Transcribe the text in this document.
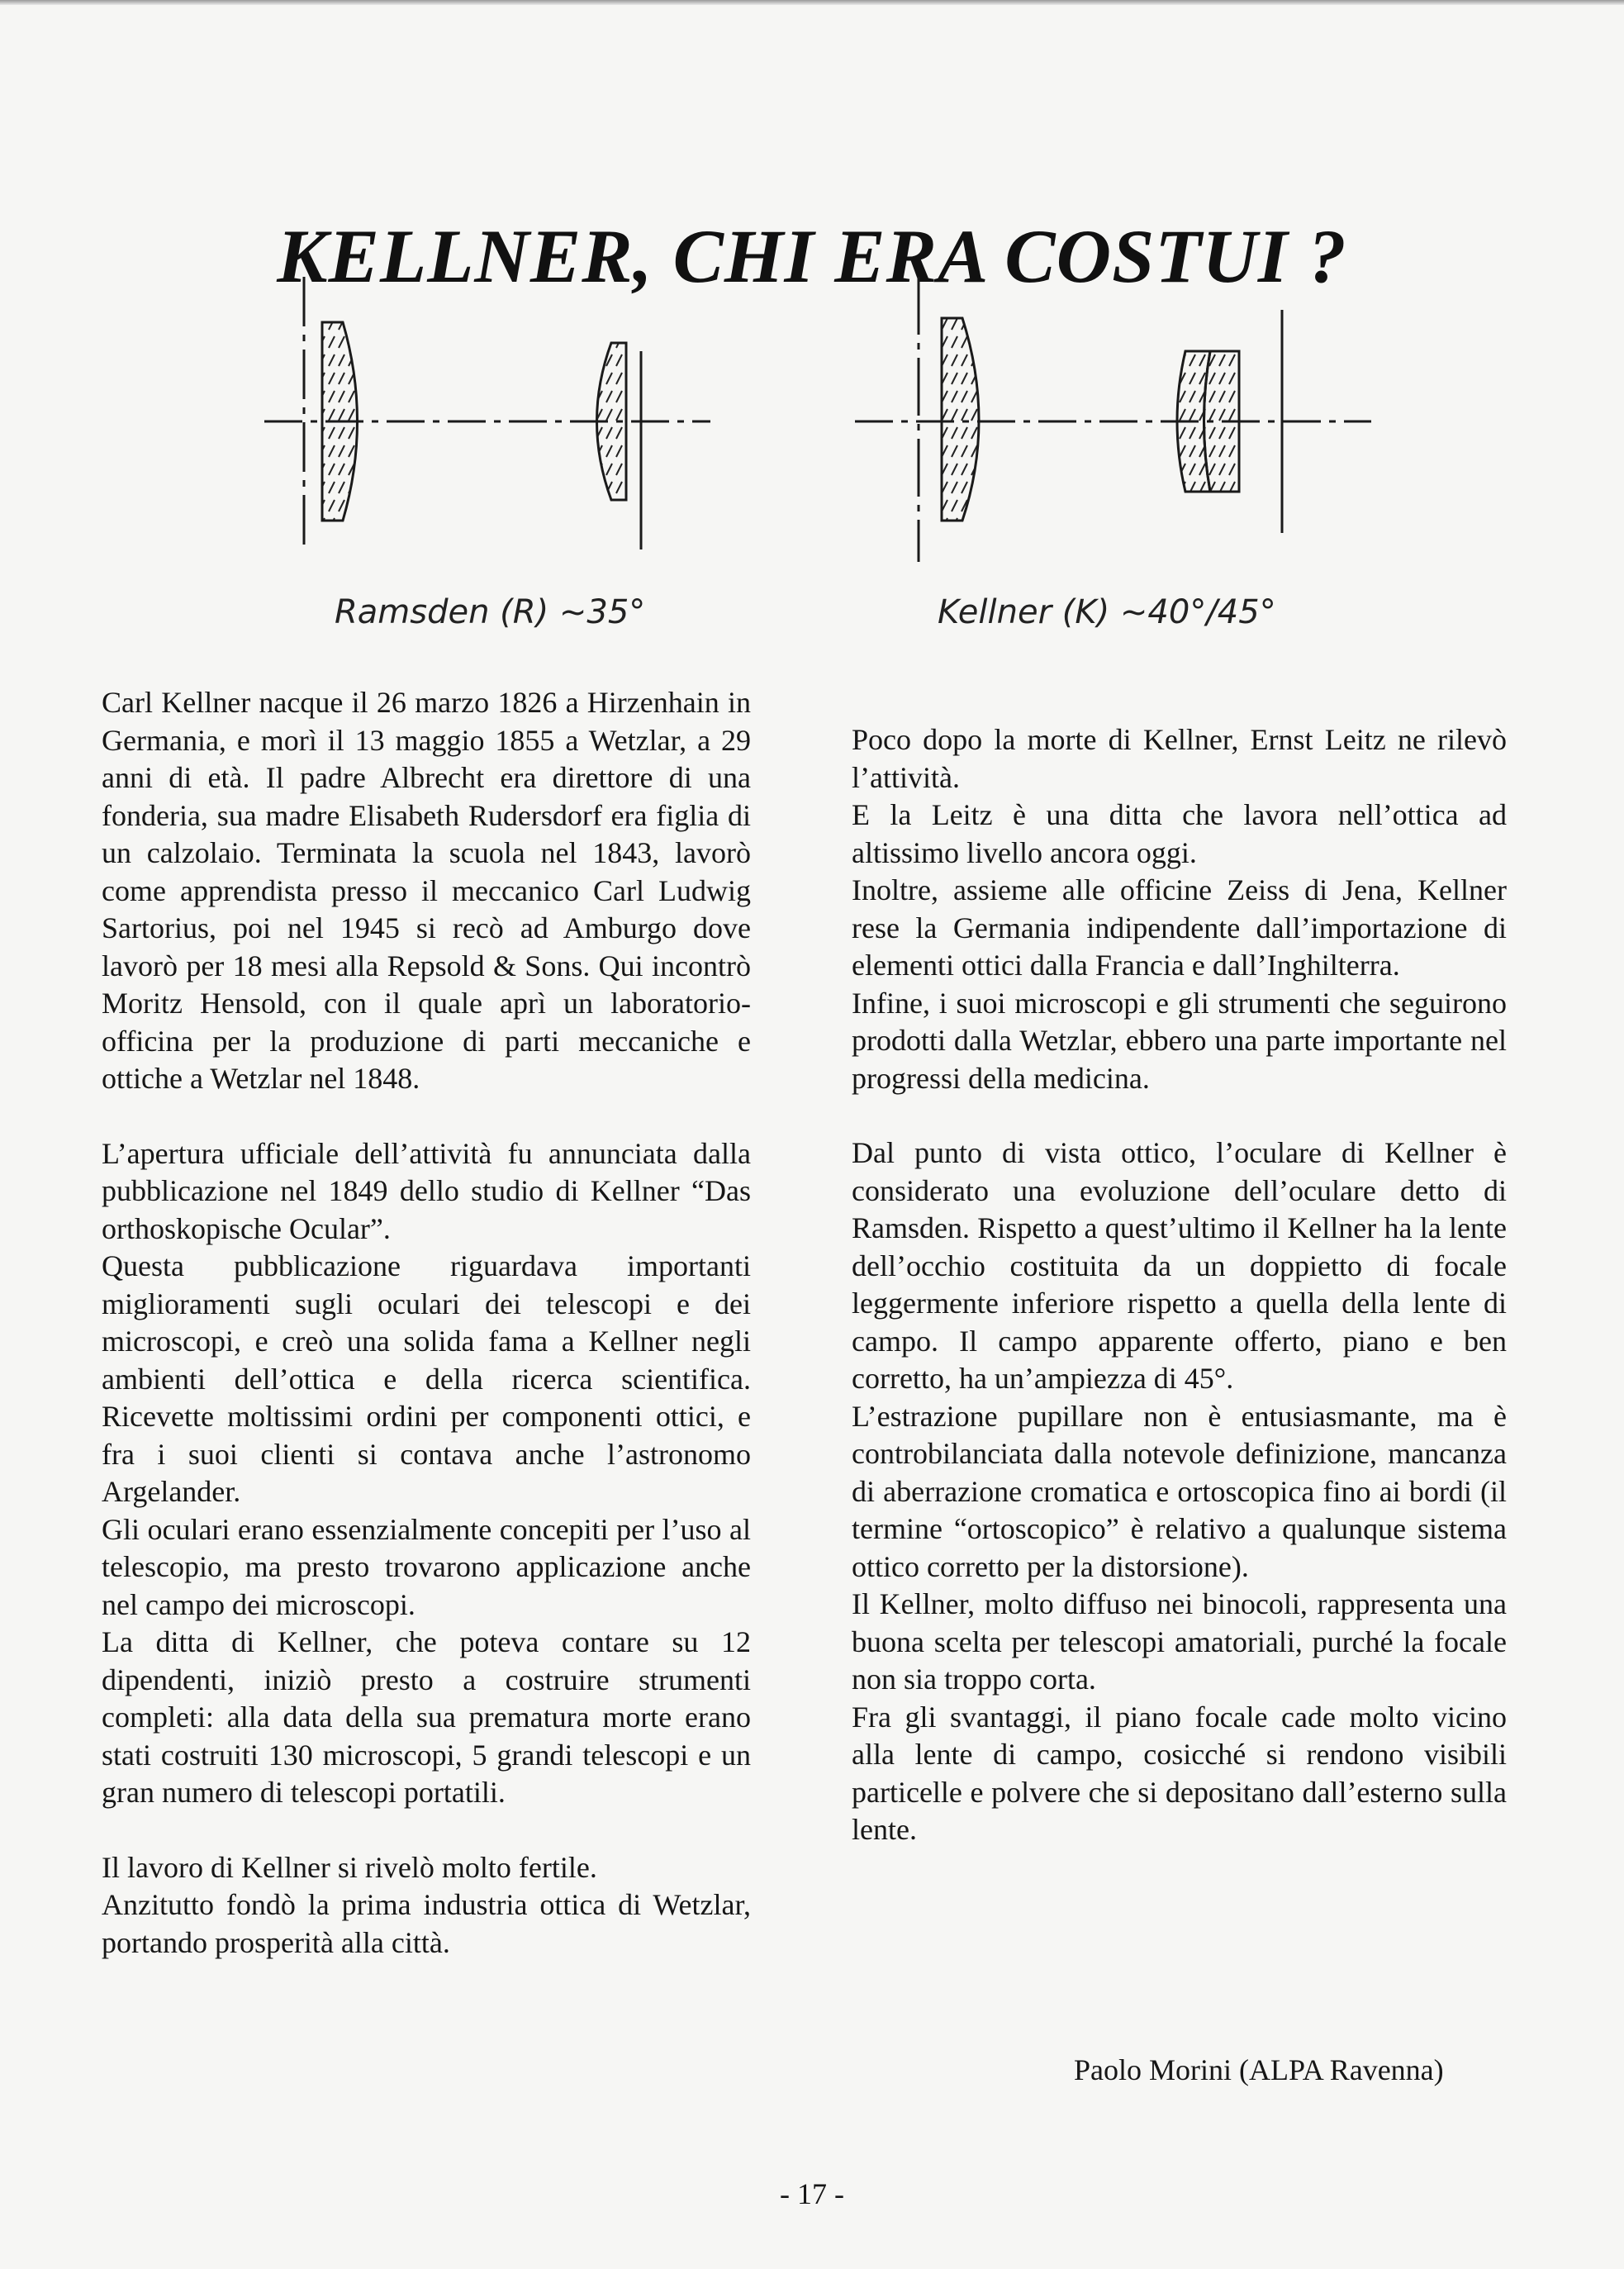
KELLNER, CHI ERA COSTUI ?
Ramsden (R) ~35°	Kellner (K) ~40°/45°

Carl Kellner nacque il 26 marzo 1826 a Hirzenhain in Germania, e morì il 13 maggio 1855 a Wetzlar, a 29 anni di età. Il padre Albrecht era direttore di una fonderia, sua madre Elisabeth Rudersdorf era figlia di un calzolaio. Terminata la scuola nel 1843, lavorò come apprendista presso il meccanico Carl Ludwig Sartorius, poi nel 1945 si recò ad Amburgo dove lavorò per 18 mesi alla Repsold & Sons. Qui incontrò Moritz Hensold, con il quale aprì un laboratorio-officina per la produzione di parti meccaniche e ottiche a Wetzlar nel 1848.

L’apertura ufficiale dell’attività fu annunciata dalla pubblicazione nel 1849 dello studio di Kellner “Das orthoskopische Ocular”.

Questa pubblicazione riguardava importanti miglioramenti sugli oculari dei telescopi e dei microscopi, e creò una solida fama a Kellner negli ambienti dell’ottica e della ricerca scientifica. Ricevette moltissimi ordini per componenti ottici, e fra i suoi clienti si contava anche l’astronomo Argelander.

Gli oculari erano essenzialmente concepiti per l’uso al telescopio, ma presto trovarono applicazione anche nel campo dei microscopi.

La ditta di Kellner, che poteva contare su 12 dipendenti, iniziò presto a costruire strumenti completi: alla data della sua prematura morte erano stati costruiti 130 microscopi, 5 grandi telescopi e un gran numero di telescopi portatili.

Il lavoro di Kellner si rivelò molto fertile.

Anzitutto fondò la prima industria ottica di Wetzlar, portando prosperità alla città.

Poco dopo la morte di Kellner, Ernst Leitz ne rilevò l’attività.

E la Leitz è una ditta che lavora nell’ottica ad altissimo livello ancora oggi.

Inoltre, assieme alle officine Zeiss di Jena, Kellner rese la Germania indipendente dall’importazione di elementi ottici dalla Francia e dall’Inghilterra.

Infine, i suoi microscopi e gli strumenti che seguirono prodotti dalla Wetzlar, ebbero una parte importante nel progressi della medicina.

Dal punto di vista ottico, l’oculare di Kellner è considerato una evoluzione dell’oculare detto di Ramsden. Rispetto a quest’ultimo il Kellner ha la lente dell’occhio costituita da un doppietto di focale leggermente inferiore rispetto a quella della lente di campo. Il campo apparente offerto, piano e ben corretto, ha un’ampiezza di 45°.

L’estrazione pupillare non è entusiasmante, ma è controbilanciata dalla notevole definizione, mancanza di aberrazione cromatica e ortoscopica fino ai bordi (il termine “ortoscopico” è relativo a qualunque sistema ottico corretto per la distorsione).

Il Kellner, molto diffuso nei binocoli, rappresenta una buona scelta per telescopi amatoriali, purché la focale non sia troppo corta.

Fra gli svantaggi, il piano focale cade molto vicino alla lente di campo, cosicché si rendono visibili particelle e polvere che si depositano dall’esterno sulla lente.

Paolo Morini (ALPA Ravenna)
- 17 -
